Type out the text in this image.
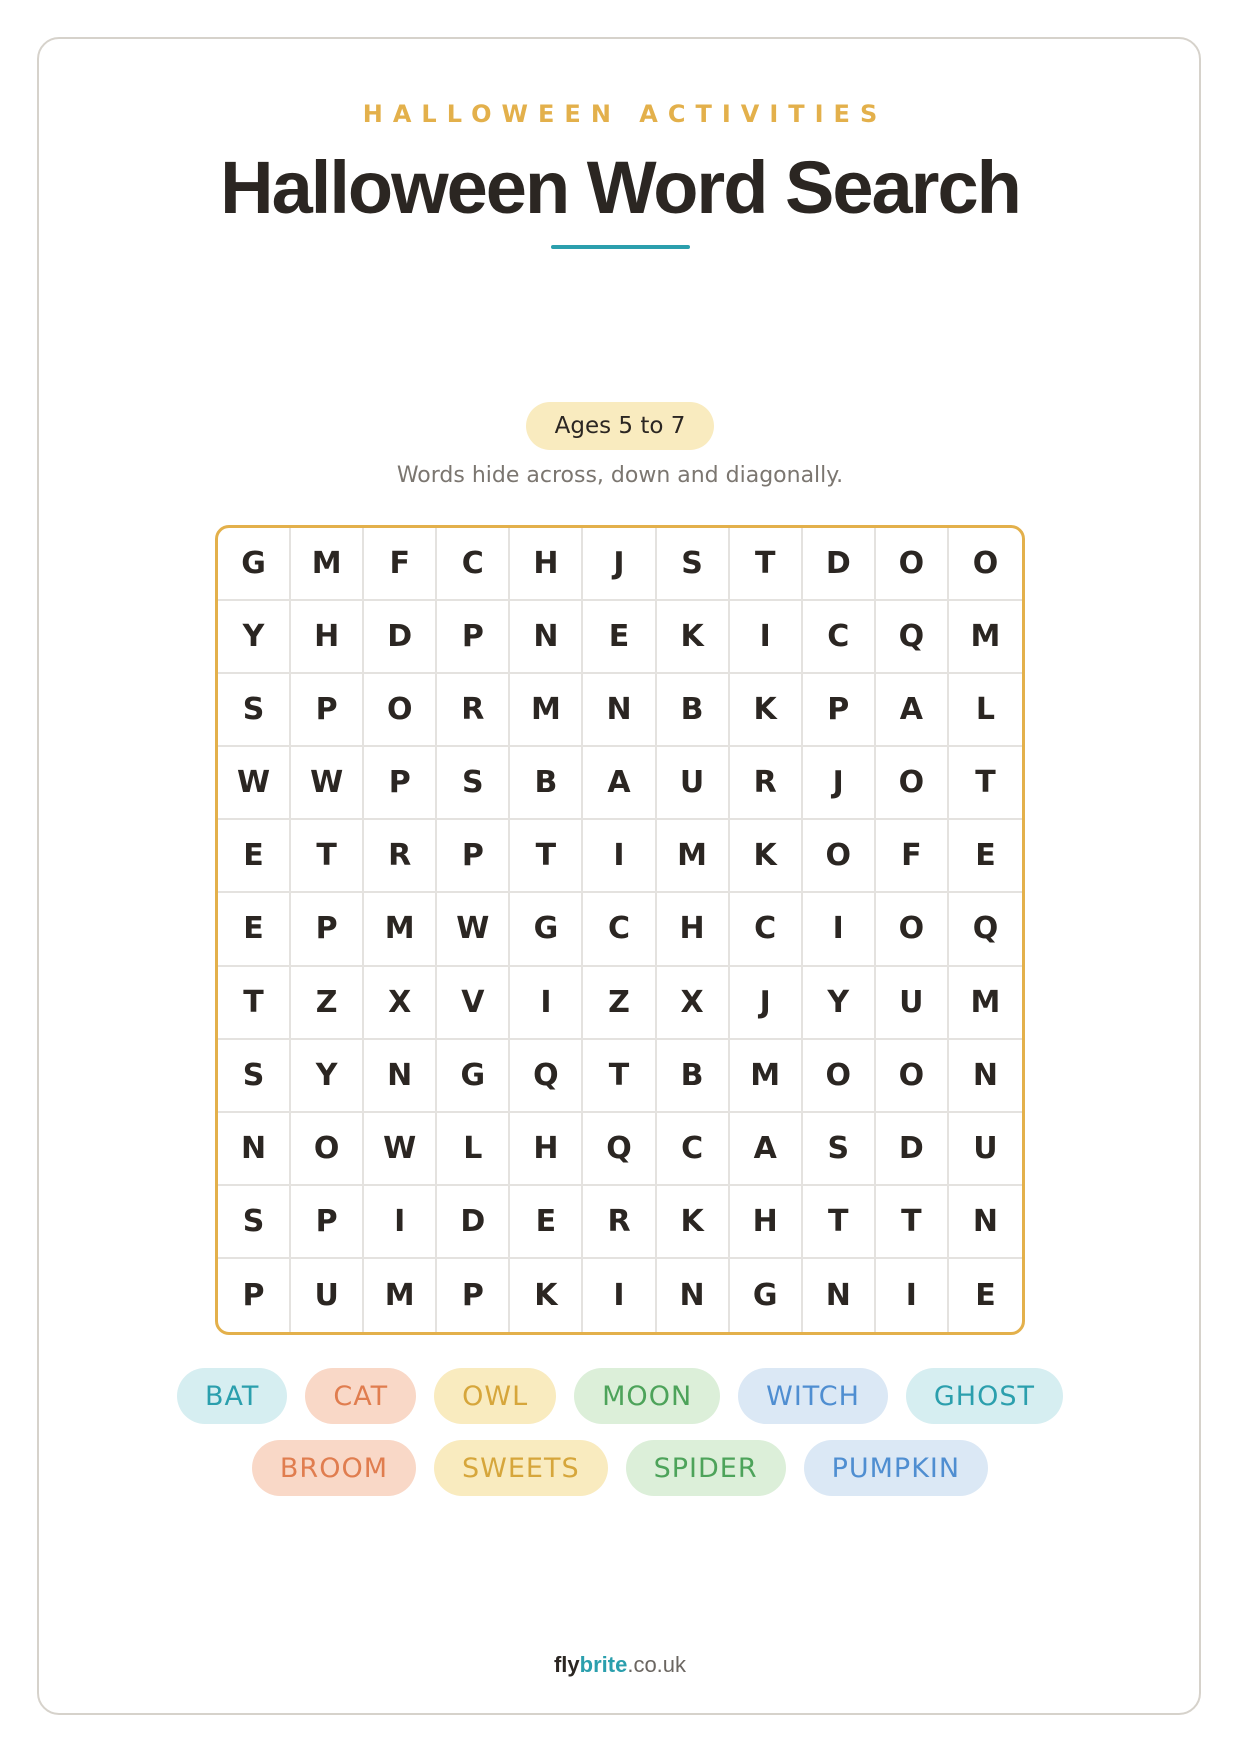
HALLOWEEN ACTIVITIES
Halloween Word Search
Ages 5 to 7
Words hide across, down and diagonally.
G	M	F	C	H	J	S	T	D	O	O
Y	H	D	P	N	E	K	I	C	Q	M
S	P	O	R	M	N	B	K	P	A	L
W	W	P	S	B	A	U	R	J	O	T
E	T	R	P	T	I	M	K	O	F	E
E	P	M	W	G	C	H	C	I	O	Q
T	Z	X	V	I	Z	X	J	Y	U	M
S	Y	N	G	Q	T	B	M	O	O	N
N	O	W	L	H	Q	C	A	S	D	U
S	P	I	D	E	R	K	H	T	T	N
P	U	M	P	K	I	N	G	N	I	E
BAT	CAT	OWL	MOON	WITCH	GHOST
BROOM	SWEETS	SPIDER	PUMPKIN
flybrite.co.uk
